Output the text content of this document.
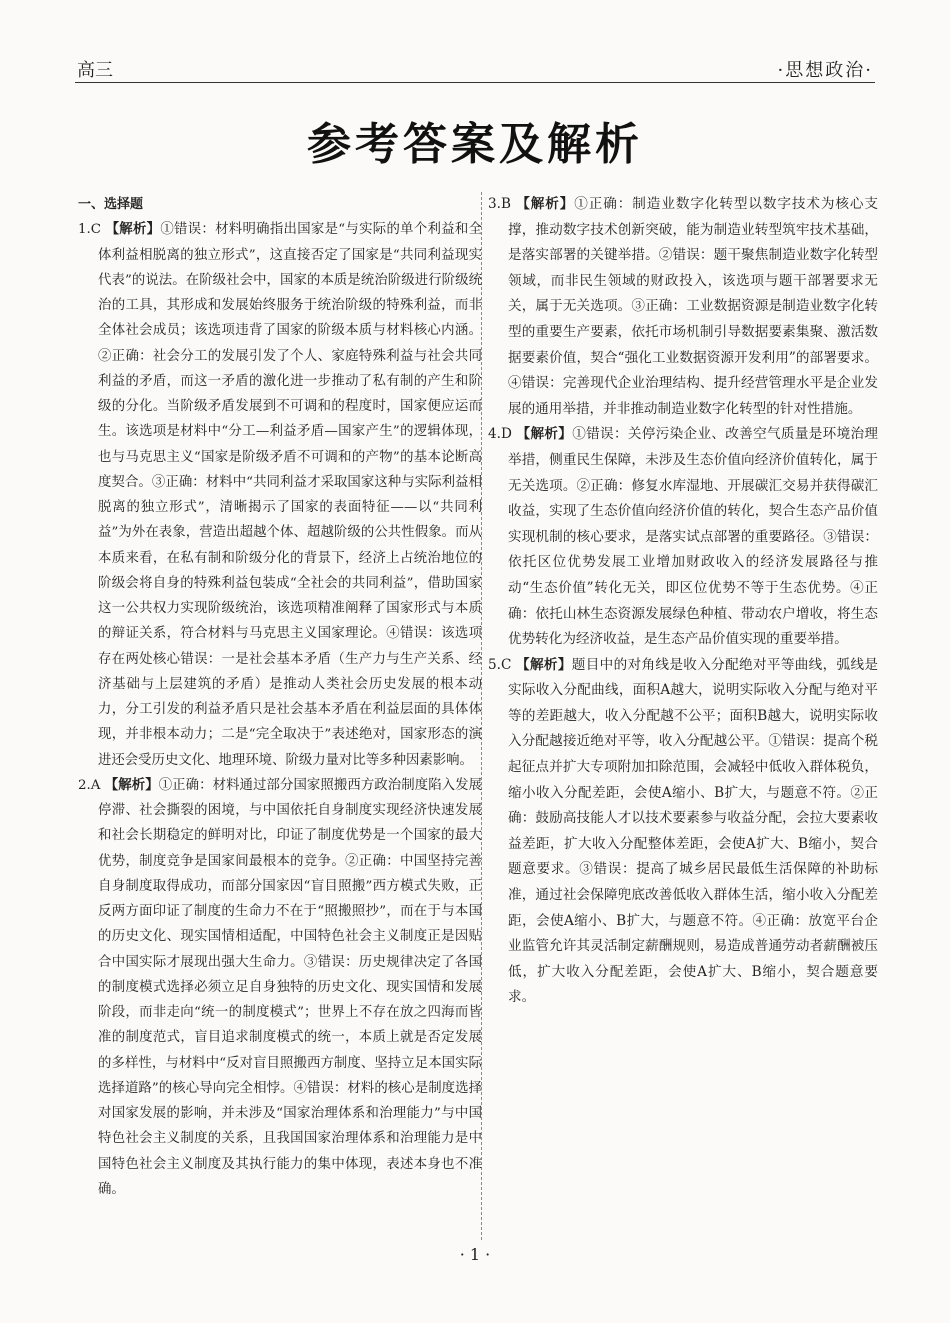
高三	·思想政治·
参考答案及解析
一、选择题

1.C 【解析】①错误：材料明确指出国家是“与实际的单个利益和全体利益相脱离的独立形式”，这直接否定了国家是“共同利益现实代表”的说法。在阶级社会中，国家的本质是统治阶级进行阶级统治的工具，其形成和发展始终服务于统治阶级的特殊利益，而非全体社会成员；该选项违背了国家的阶级本质与材料核心内涵。②正确：社会分工的发展引发了个人、家庭特殊利益与社会共同利益的矛盾，而这一矛盾的激化进一步推动了私有制的产生和阶级的分化。当阶级矛盾发展到不可调和的程度时，国家便应运而生。该选项是材料中“分工—利益矛盾—国家产生”的逻辑体现，也与马克思主义“国家是阶级矛盾不可调和的产物”的基本论断高度契合。③正确：材料中“共同利益才采取国家这种与实际利益相脱离的独立形式”，清晰揭示了国家的表面特征——以“共同利益”为外在表象，营造出超越个体、超越阶级的公共性假象。而从本质来看，在私有制和阶级分化的背景下，经济上占统治地位的阶级会将自身的特殊利益包装成“全社会的共同利益”，借助国家这一公共权力实现阶级统治，该选项精准阐释了国家形式与本质的辩证关系，符合材料与马克思主义国家理论。④错误：该选项存在两处核心错误：一是社会基本矛盾（生产力与生产关系、经济基础与上层建筑的矛盾）是推动人类社会历史发展的根本动力，分工引发的利益矛盾只是社会基本矛盾在利益层面的具体体现，并非根本动力；二是“完全取决于”表述绝对，国家形态的演进还会受历史文化、地理环境、阶级力量对比等多种因素影响。

2.A 【解析】①正确：材料通过部分国家照搬西方政治制度陷入发展停滞、社会撕裂的困境，与中国依托自身制度实现经济快速发展和社会长期稳定的鲜明对比，印证了制度优势是一个国家的最大优势，制度竞争是国家间最根本的竞争。②正确：中国坚持完善自身制度取得成功，而部分国家因“盲目照搬”西方模式失败，正反两方面印证了制度的生命力不在于“照搬照抄”，而在于与本国的历史文化、现实国情相适配，中国特色社会主义制度正是因贴合中国实际才展现出强大生命力。③错误：历史规律决定了各国的制度模式选择必须立足自身独特的历史文化、现实国情和发展阶段，而非走向“统一的制度模式”；世界上不存在放之四海而皆准的制度范式，盲目追求制度模式的统一，本质上就是否定发展的多样性，与材料中“反对盲目照搬西方制度、坚持立足本国实际选择道路”的核心导向完全相悖。④错误：材料的核心是制度选择对国家发展的影响，并未涉及“国家治理体系和治理能力”与中国特色社会主义制度的关系，且我国国家治理体系和治理能力是中国特色社会主义制度及其执行能力的集中体现，表述本身也不准确。

3.B 【解析】①正确：制造业数字化转型以数字技术为核心支撑，推动数字技术创新突破，能为制造业转型筑牢技术基础，是落实部署的关键举措。②错误：题干聚焦制造业数字化转型领域，而非民生领域的财政投入，该选项与题干部署要求无关，属于无关选项。③正确：工业数据资源是制造业数字化转型的重要生产要素，依托市场机制引导数据要素集聚、激活数据要素价值，契合“强化工业数据资源开发利用”的部署要求。④错误：完善现代企业治理结构、提升经营管理水平是企业发展的通用举措，并非推动制造业数字化转型的针对性措施。

4.D 【解析】①错误：关停污染企业、改善空气质量是环境治理举措，侧重民生保障，未涉及生态价值向经济价值转化，属于无关选项。②正确：修复水库湿地、开展碳汇交易并获得碳汇收益，实现了生态价值向经济价值的转化，契合生态产品价值实现机制的核心要求，是落实试点部署的重要路径。③错误：依托区位优势发展工业增加财政收入的经济发展路径与推动“生态价值”转化无关，即区位优势不等于生态优势。④正确：依托山林生态资源发展绿色种植、带动农户增收，将生态优势转化为经济收益，是生态产品价值实现的重要举措。

5.C 【解析】题目中的对角线是收入分配绝对平等曲线，弧线是实际收入分配曲线，面积A越大，说明实际收入分配与绝对平等的差距越大，收入分配越不公平；面积B越大，说明实际收入分配越接近绝对平等，收入分配越公平。①错误：提高个税起征点并扩大专项附加扣除范围，会减轻中低收入群体税负，缩小收入分配差距，会使A缩小、B扩大，与题意不符。②正确：鼓励高技能人才以技术要素参与收益分配，会拉大要素收益差距，扩大收入分配整体差距，会使A扩大、B缩小，契合题意要求。③错误：提高了城乡居民最低生活保障的补助标准，通过社会保障兜底改善低收入群体生活，缩小收入分配差距，会使A缩小、B扩大，与题意不符。④正确：放宽平台企业监管允许其灵活制定薪酬规则，易造成普通劳动者薪酬被压低，扩大收入分配差距，会使A扩大、B缩小，契合题意要求。

· 1 ·
